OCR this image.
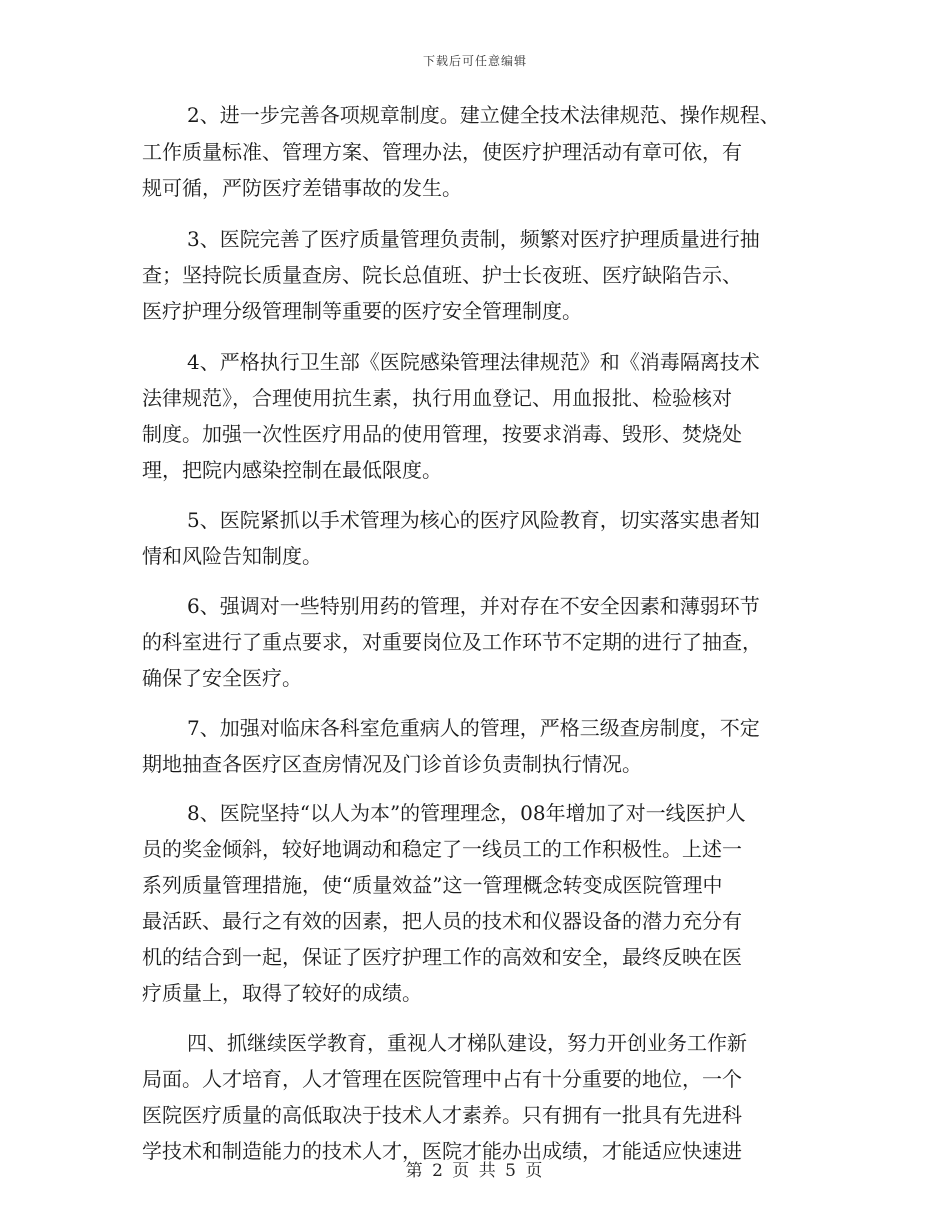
下载后可任意编辑
2、进一步完善各项规章制度。建立健全技术法律规范、操作规程、
工作质量标准、管理方案、管理办法，使医疗护理活动有章可依，有
规可循，严防医疗差错事故的发生。
3、医院完善了医疗质量管理负责制，频繁对医疗护理质量进行抽
查；坚持院长质量查房、院长总值班、护士长夜班、医疗缺陷告示、
医疗护理分级管理制等重要的医疗安全管理制度。
4、严格执行卫生部《医院感染管理法律规范》和《消毒隔离技术
法律规范》，合理使用抗生素，执行用血登记、用血报批、检验核对
制度。加强一次性医疗用品的使用管理，按要求消毒、毁形、焚烧处
理，把院内感染控制在最低限度。
5、医院紧抓以手术管理为核心的医疗风险教育，切实落实患者知
情和风险告知制度。
6、强调对一些特别用药的管理，并对存在不安全因素和薄弱环节
的科室进行了重点要求，对重要岗位及工作环节不定期的进行了抽查，
确保了安全医疗。
7、加强对临床各科室危重病人的管理，严格三级查房制度，不定
期地抽查各医疗区查房情况及门诊首诊负责制执行情况。
8、医院坚持“以人为本”的管理理念，08年增加了对一线医护人
员的奖金倾斜，较好地调动和稳定了一线员工的工作积极性。上述一
系列质量管理措施，使“质量效益”这一管理概念转变成医院管理中
最活跃、最行之有效的因素，把人员的技术和仪器设备的潜力充分有
机的结合到一起，保证了医疗护理工作的高效和安全，最终反映在医
疗质量上，取得了较好的成绩。
四、抓继续医学教育，重视人才梯队建设，努力开创业务工作新
局面。人才培育，人才管理在医院管理中占有十分重要的地位，一个
医院医疗质量的高低取决于技术人才素养。只有拥有一批具有先进科
学技术和制造能力的技术人才，医院才能办出成绩，才能适应快速进
第 2 页 共 5 页
